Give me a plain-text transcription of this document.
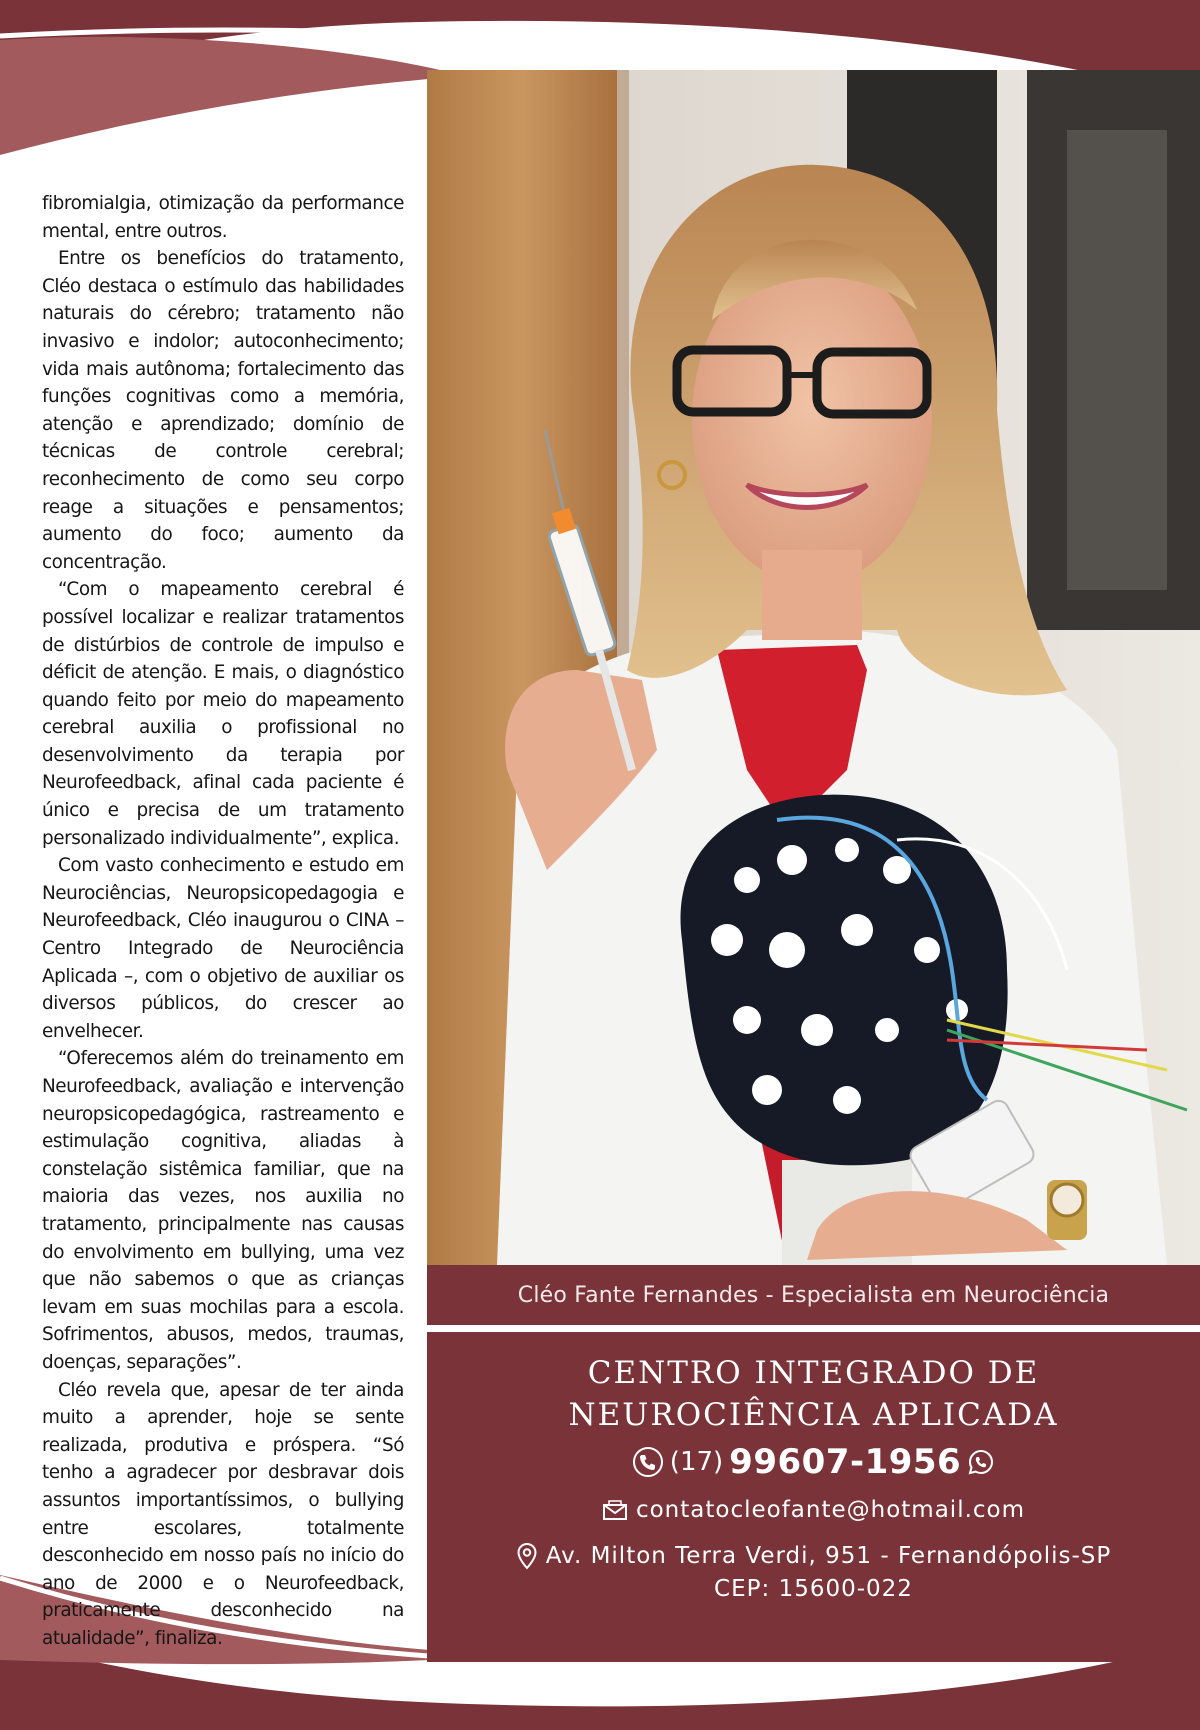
fibromialgia, otimização da performance mental, entre outros.

Entre os benefícios do tratamento, Cléo destaca o estímulo das habilidades naturais do cérebro; tratamento não invasivo e indolor; autoconhecimento; vida mais autônoma; fortalecimento das funções cognitivas como a memória, atenção e aprendizado; domínio de técnicas de controle cerebral; reconhecimento de como seu corpo reage a situações e pensamentos; aumento do foco; aumento da concentração.

“Com o mapeamento cerebral é possível localizar e realizar tratamentos de distúrbios de controle de impulso e déficit de atenção. E mais, o diagnóstico quando feito por meio do mapeamento cerebral auxilia o profissional no desenvolvimento da terapia por Neurofeedback, afinal cada paciente é único e precisa de um tratamento personalizado individualmente”, explica.

Com vasto conhecimento e estudo em Neurociências, Neuropsicopedagogia e Neurofeedback, Cléo inaugurou o CINA – Centro Integrado de Neurociência Aplicada –, com o objetivo de auxiliar os diversos públicos, do crescer ao envelhecer.

“Oferecemos além do treinamento em Neurofeedback, avaliação e intervenção neuropsicopedagógica, rastreamento e estimulação cognitiva, aliadas à constelação sistêmica familiar, que na maioria das vezes, nos auxilia no tratamento, principalmente nas causas do envolvimento em bullying, uma vez que não sabemos o que as crianças levam em suas mochilas para a escola. Sofrimentos, abusos, medos, traumas, doenças, separações”.

Cléo revela que, apesar de ter ainda muito a aprender, hoje se sente realizada, produtiva e próspera. “Só tenho a agradecer por desbravar dois assuntos importantíssimos, o bullying entre escolares, totalmente desconhecido em nosso país no início do ano de 2000 e o Neurofeedback, praticamente desconhecido na atualidade”, finaliza.

Cléo Fante Fernandes - Especialista em Neurociência
CENTRO INTEGRADO DE
NEUROCIÊNCIA APLICADA
(17) 99607-1956
contatocleofante@hotmail.com
Av. Milton Terra Verdi, 951 - Fernandópolis-SP
CEP: 15600-022
